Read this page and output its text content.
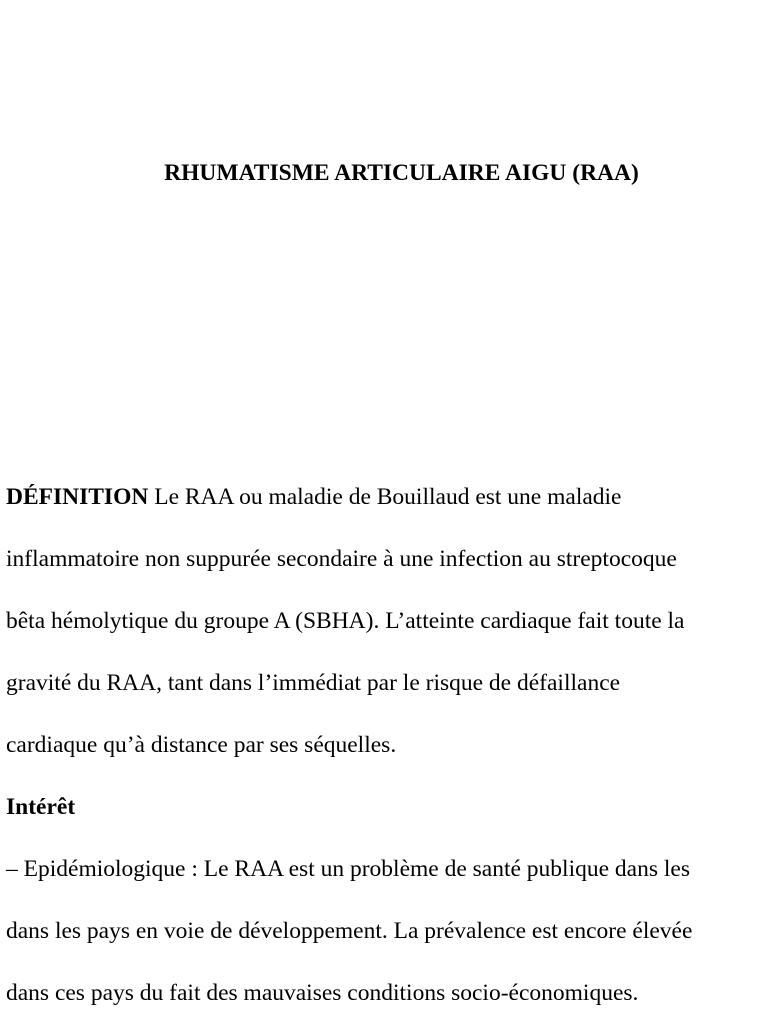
RHUMATISME ARTICULAIRE AIGU (RAA)
DÉFINITION Le RAA ou maladie de Bouillaud est une maladie
inflammatoire non suppurée secondaire à une infection au streptocoque
bêta hémolytique du groupe A (SBHA). L’atteinte cardiaque fait toute la
gravité du RAA, tant dans l’immédiat par le risque de défaillance
cardiaque qu’à distance par ses séquelles.
Intérêt
– Epidémiologique : Le RAA est un problème de santé publique dans les
dans les pays en voie de développement. La prévalence est encore élevée
dans ces pays du fait des mauvaises conditions socio-économiques.
